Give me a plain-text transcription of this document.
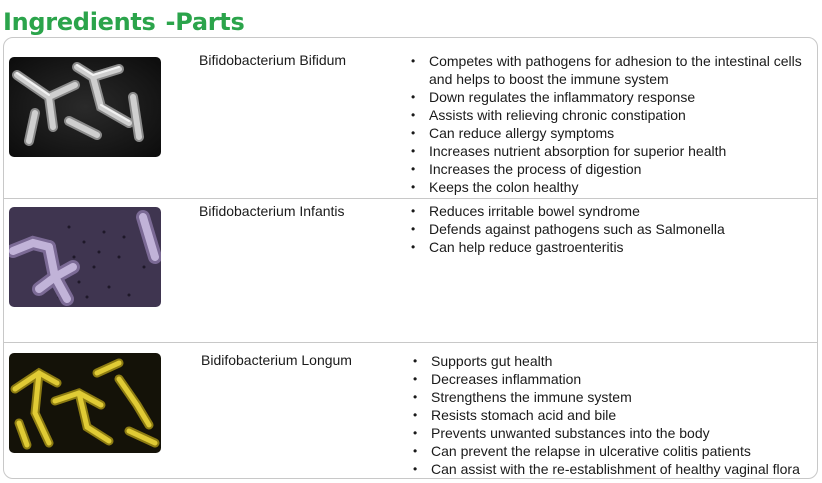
Ingredients -Parts
Bifidobacterium Bifidum	• Competes with pathogens for adhesion to the intestinal cells
and helps to boost the immune system
• Down regulates the inflammatory response
• Assists with relieving chronic constipation
• Can reduce allergy symptoms
• Increases nutrient absorption for superior health
• Increases the process of digestion
• Keeps the colon healthy
Bifidobacterium Infantis	• Reduces irritable bowel syndrome
• Defends against pathogens such as Salmonella
• Can help reduce gastroenteritis
Bidifobacterium Longum	• Supports gut health
• Decreases inflammation
• Strengthens the immune system
• Resists stomach acid and bile
• Prevents unwanted substances into the body
• Can prevent the relapse in ulcerative colitis patients
• Can assist with the re-establishment of healthy vaginal flora
